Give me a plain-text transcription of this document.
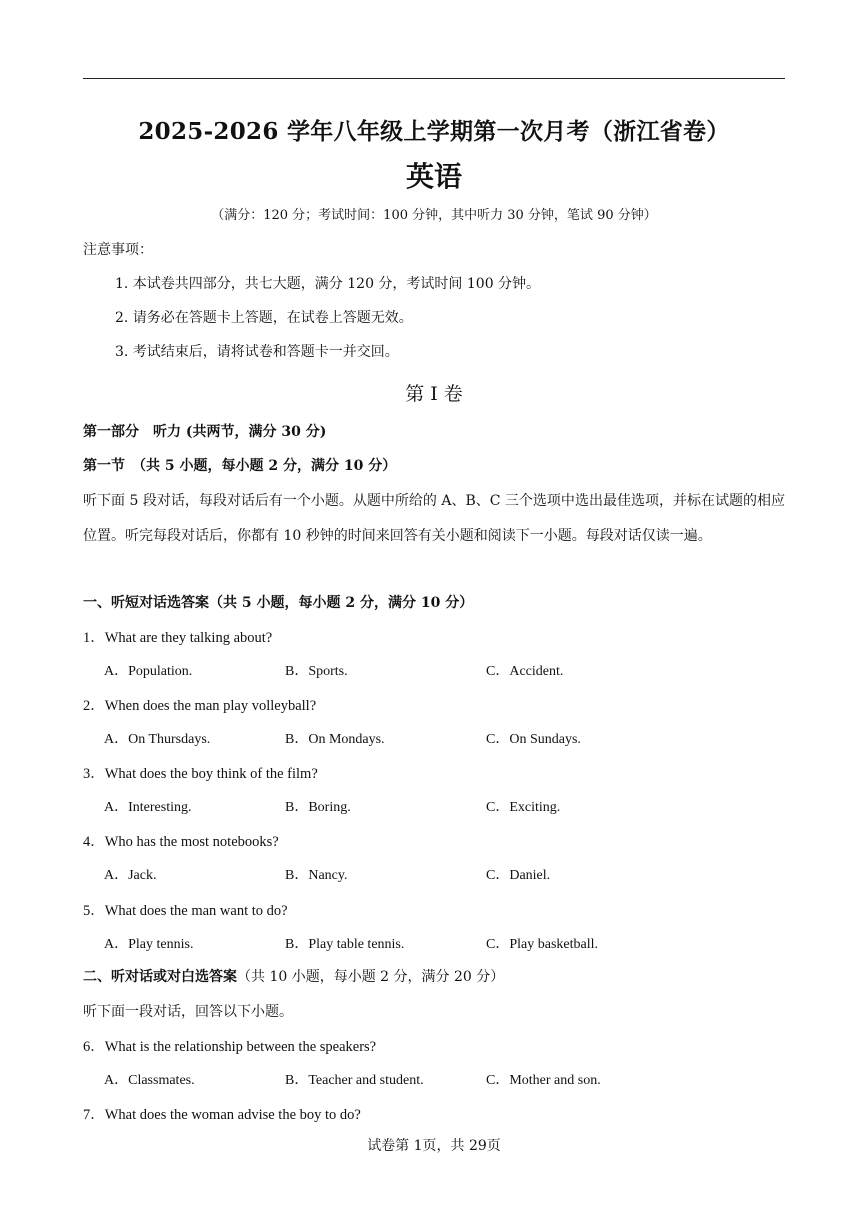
2025-2026 学年八年级上学期第一次月考（浙江省卷）
英语
（满分：120 分；考试时间：100 分钟，其中听力 30 分钟，笔试 90 分钟）
注意事项：
1. 本试卷共四部分，共七大题，满分 120 分，考试时间 100 分钟。
2. 请务必在答题卡上答题，在试卷上答题无效。
3. 考试结束后，请将试卷和答题卡一并交回。
第 I 卷
第一部分　听力 (共两节，满分 30 分)
第一节　（共 5 小题，每小题 2 分，满分 10 分）
听下面 5 段对话，每段对话后有一个小题。从题中所给的 A、B、C 三个选项中选出最佳选项，并标在试题的相应位置。听完每段对话后，你都有 10 秒钟的时间来回答有关小题和阅读下一小题。每段对话仅读一遍。
一、听短对话选答案（共 5 小题，每小题 2 分，满分 10 分）
1．What are they talking about?
A．Population.	B．Sports.	C．Accident.
2．When does the man play volleyball?
A．On Thursdays.	B．On Mondays.	C．On Sundays.
3．What does the boy think of the film?
A．Interesting.	B．Boring.	C．Exciting.
4．Who has the most notebooks?
A．Jack.	B．Nancy.	C．Daniel.
5．What does the man want to do?
A．Play tennis.	B．Play table tennis.	C．Play basketball.
二、听对话或对白选答案（共 10 小题，每小题 2 分，满分 20 分）
听下面一段对话，回答以下小题。
6．What is the relationship between the speakers?
A．Classmates.	B．Teacher and student.	C．Mother and son.
7．What does the woman advise the boy to do?
试卷第 1页，共 29页
